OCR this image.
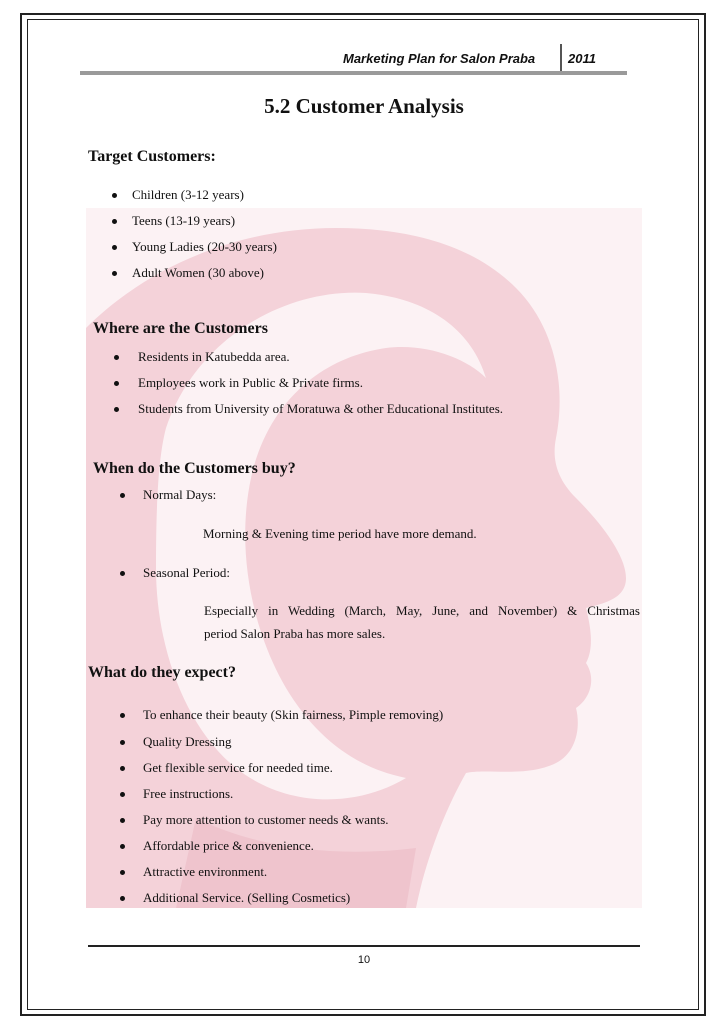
Marketing Plan for Salon Praba	2011
5.2 Customer Analysis
Target Customers:
Children (3-12 years)
Teens (13-19 years)
Young Ladies (20-30 years)
Adult Women (30 above)
Where are the Customers
Residents in Katubedda area.
Employees work in Public & Private firms.
Students from University of Moratuwa & other Educational Institutes.
When do the Customers buy?
Normal Days:
Morning & Evening time period have more demand.
Seasonal Period:
Especially in Wedding (March, May, June, and November) & Christmas
period Salon Praba has more sales.
What do they expect?
To enhance their beauty (Skin fairness, Pimple removing)
Quality Dressing
Get flexible service for needed time.
Free instructions.
Pay more attention to customer needs & wants.
Affordable price & convenience.
Attractive environment.
Additional Service. (Selling Cosmetics)
10
